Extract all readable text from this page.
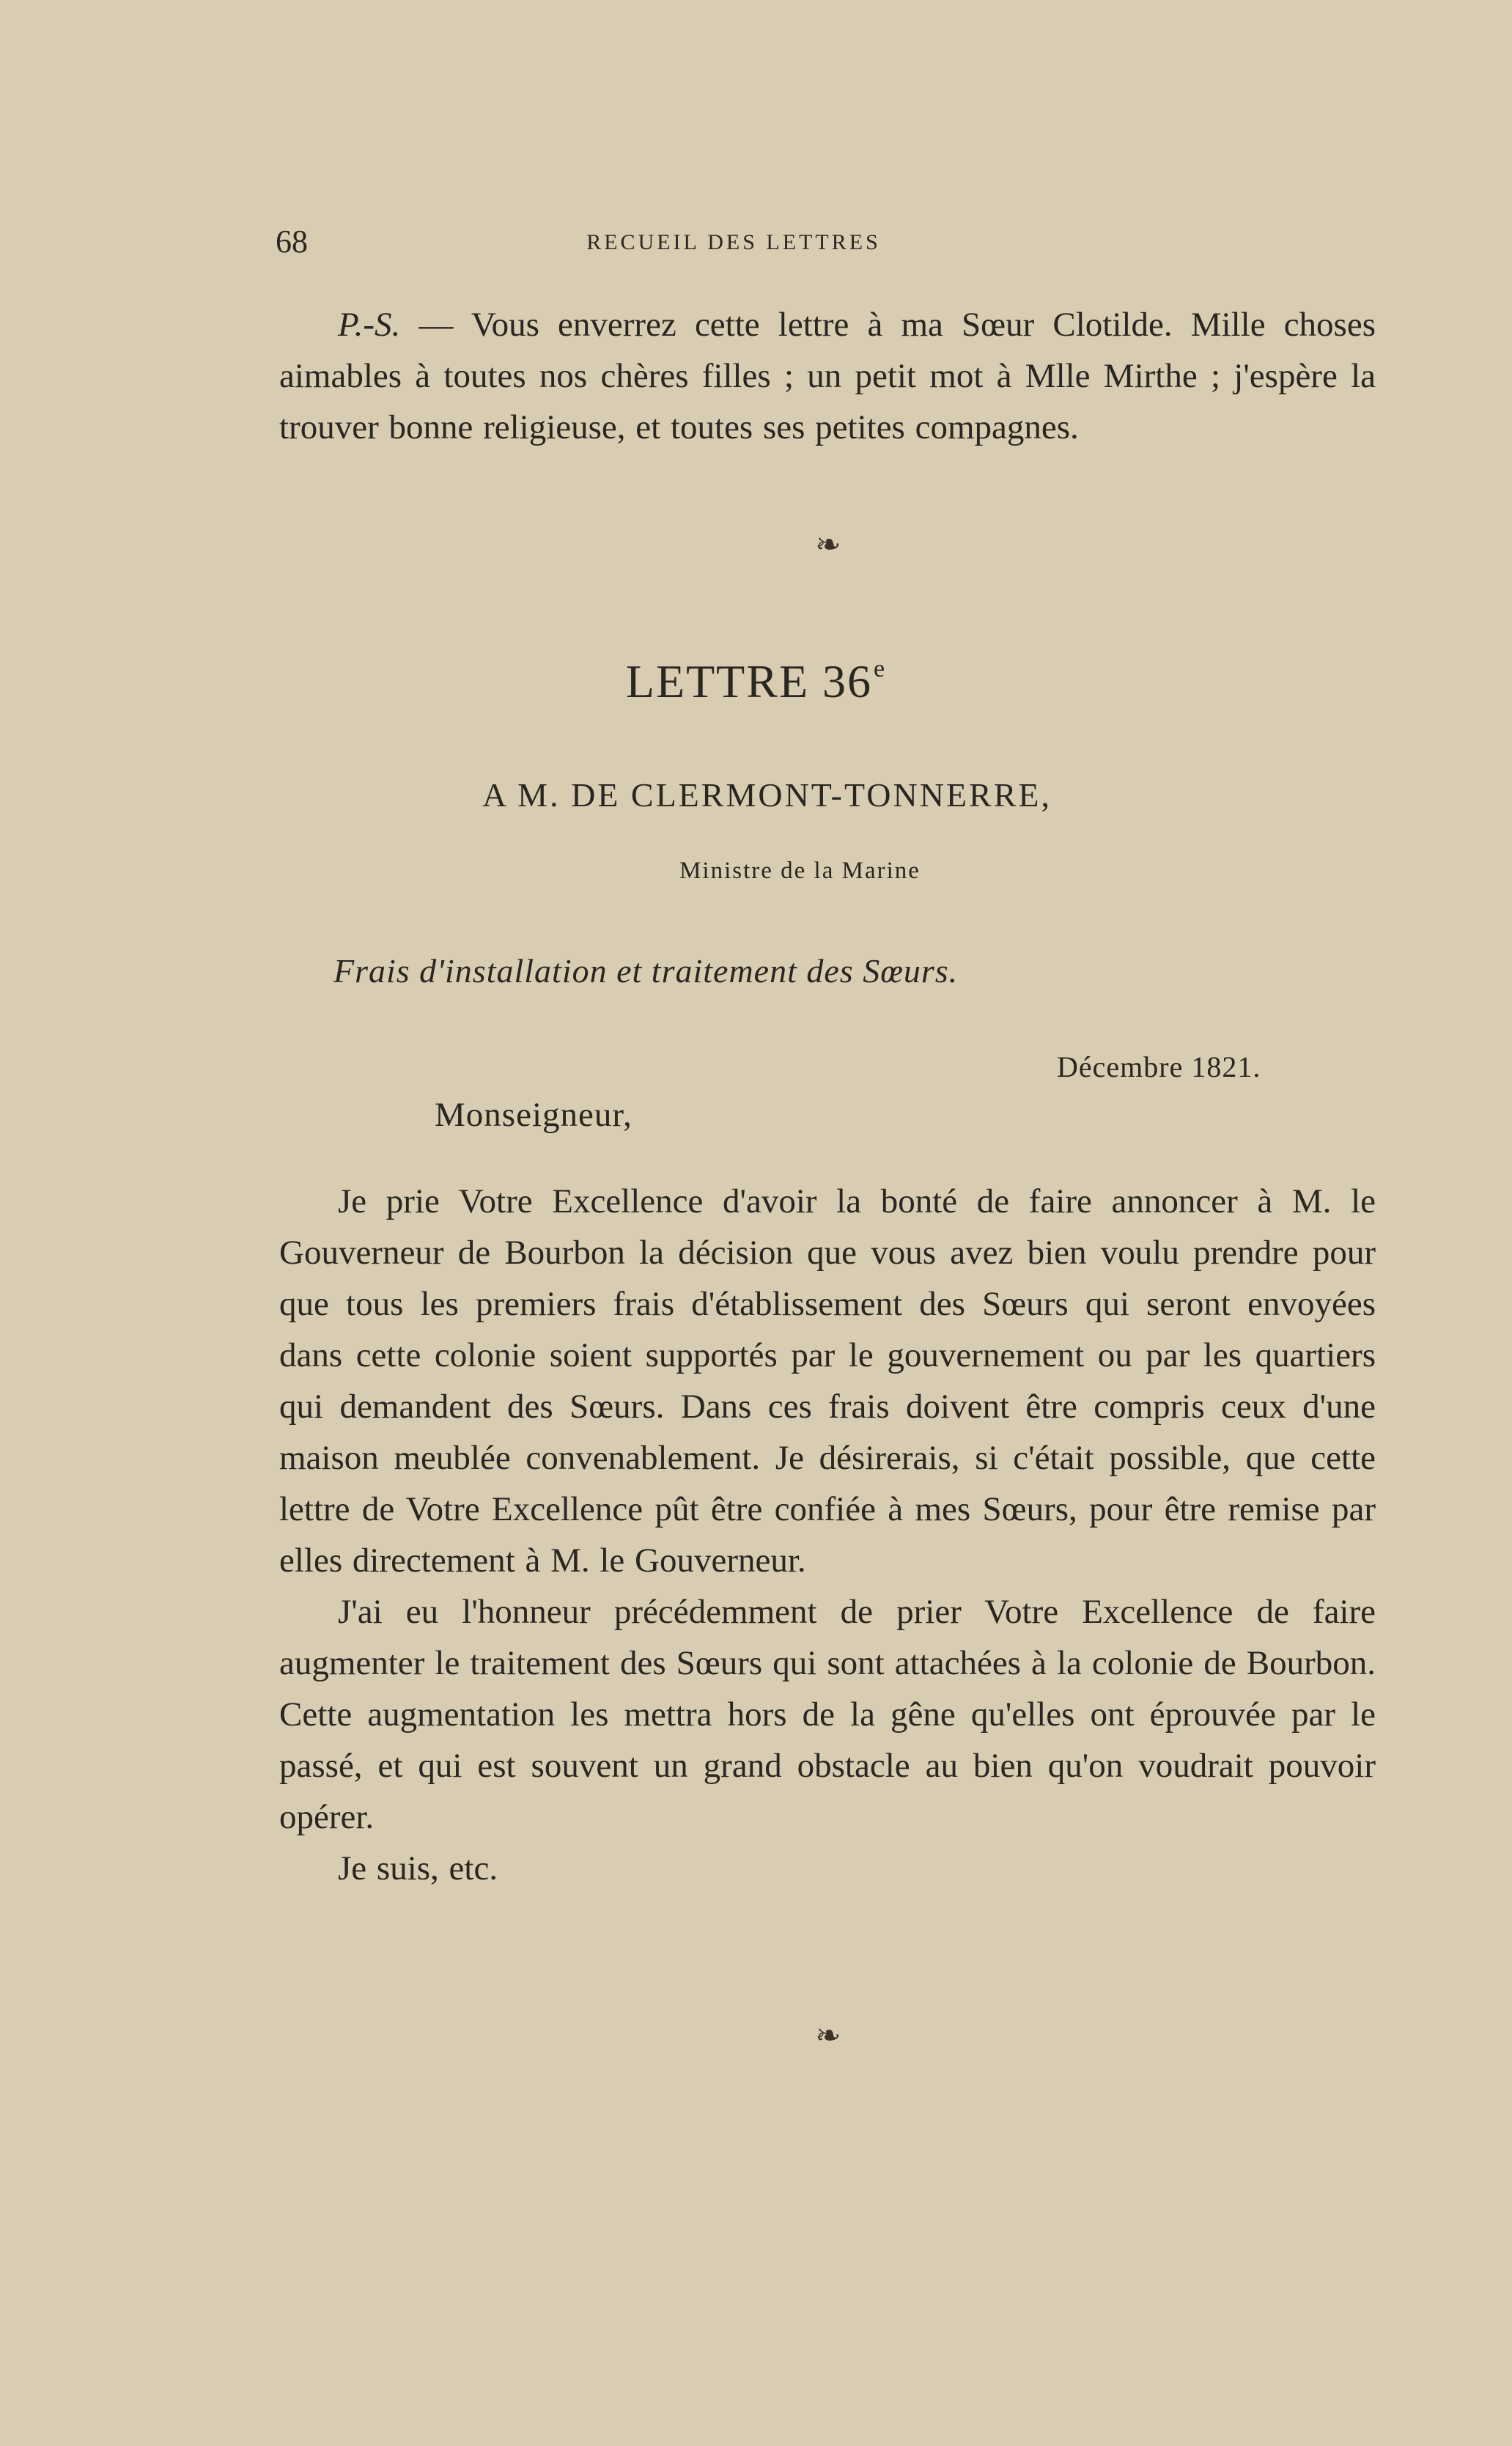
68	RECUEIL DES LETTRES

P.-S. — Vous enverrez cette lettre à ma Sœur Clotilde. Mille choses aimables à toutes nos chères filles ; un petit mot à Mlle Mirthe ; j'espère la trouver bonne religieuse, et toutes ses petites compagnes.

❧
LETTRE 36e
A M. DE CLERMONT-TONNERRE,
Ministre de la Marine
Frais d'installation et traitement des Sœurs.
Décembre 1821.
Monseigneur,

Je prie Votre Excellence d'avoir la bonté de faire annoncer à M. le Gouverneur de Bourbon la décision que vous avez bien voulu prendre pour que tous les premiers frais d'établissement des Sœurs qui seront envoyées dans cette colonie soient supportés par le gouvernement ou par les quartiers qui demandent des Sœurs. Dans ces frais doivent être compris ceux d'une maison meublée convenablement. Je désirerais, si c'était possible, que cette lettre de Votre Excellence pût être confiée à mes Sœurs, pour être remise par elles directement à M. le Gouverneur.

J'ai eu l'honneur précédemment de prier Votre Excellence de faire augmenter le traitement des Sœurs qui sont attachées à la colonie de Bourbon. Cette augmentation les mettra hors de la gêne qu'elles ont éprouvée par le passé, et qui est souvent un grand obstacle au bien qu'on voudrait pouvoir opérer.

Je suis, etc.

❧
